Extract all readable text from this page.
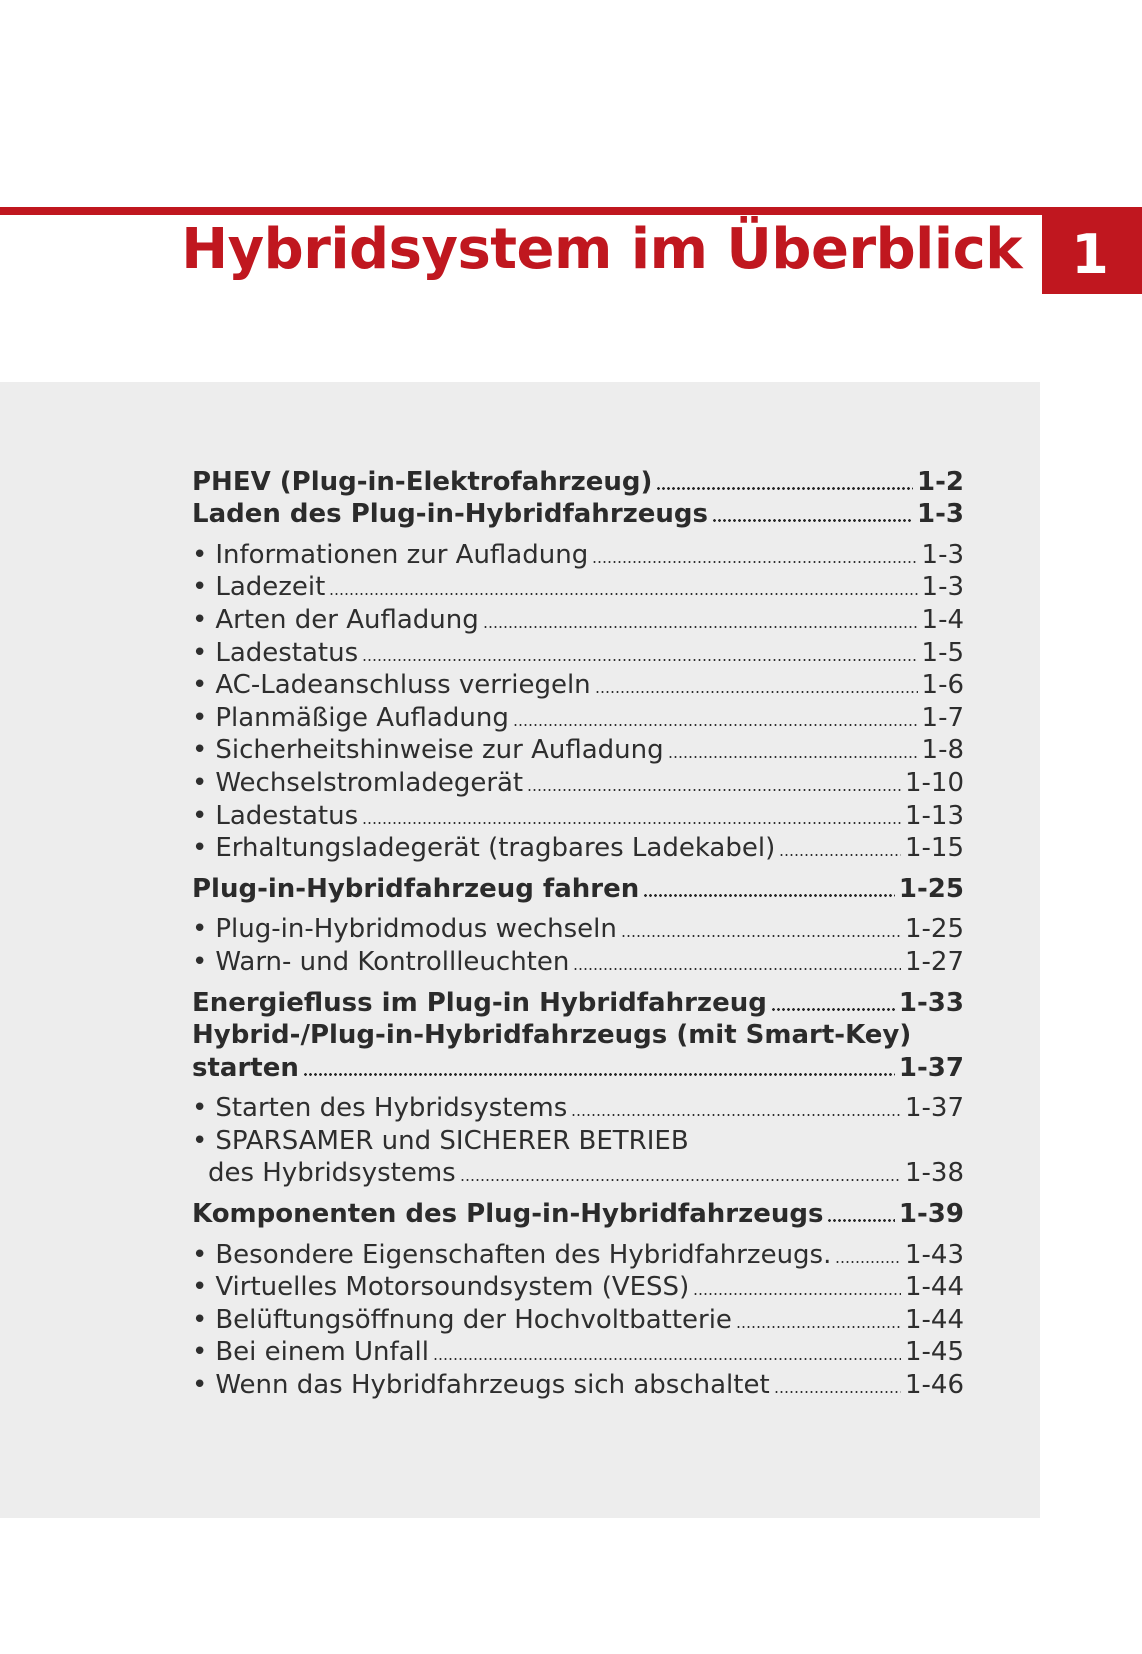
Hybridsystem im Überblick 1
PHEV (Plug-in-Elektrofahrzeug)	1-2
Laden des Plug-in-Hybridfahrzeugs	1-3
• Informationen zur Aufladung	1-3
• Ladezeit	1-3
• Arten der Aufladung	1-4
• Ladestatus	1-5
• AC-Ladeanschluss verriegeln	1-6
• Planmäßige Aufladung	1-7
• Sicherheitshinweise zur Aufladung	1-8
• Wechselstromladegerät	1-10
• Ladestatus	1-13
• Erhaltungsladegerät (tragbares Ladekabel)	1-15
Plug-in-Hybridfahrzeug fahren	1-25
• Plug-in-Hybridmodus wechseln	1-25
• Warn- und Kontrollleuchten	1-27
Energiefluss im Plug-in Hybridfahrzeug	1-33
Hybrid-/Plug-in-Hybridfahrzeugs (mit Smart-Key)
starten	1-37
• Starten des Hybridsystems	1-37
• SPARSAMER und SICHERER BETRIEB
des Hybridsystems	1-38
Komponenten des Plug-in-Hybridfahrzeugs	1-39
• Besondere Eigenschaften des Hybridfahrzeugs.	1-43
• Virtuelles Motorsoundsystem (VESS)	1-44
• Belüftungsöffnung der Hochvoltbatterie	1-44
• Bei einem Unfall	1-45
• Wenn das Hybridfahrzeugs sich abschaltet	1-46
